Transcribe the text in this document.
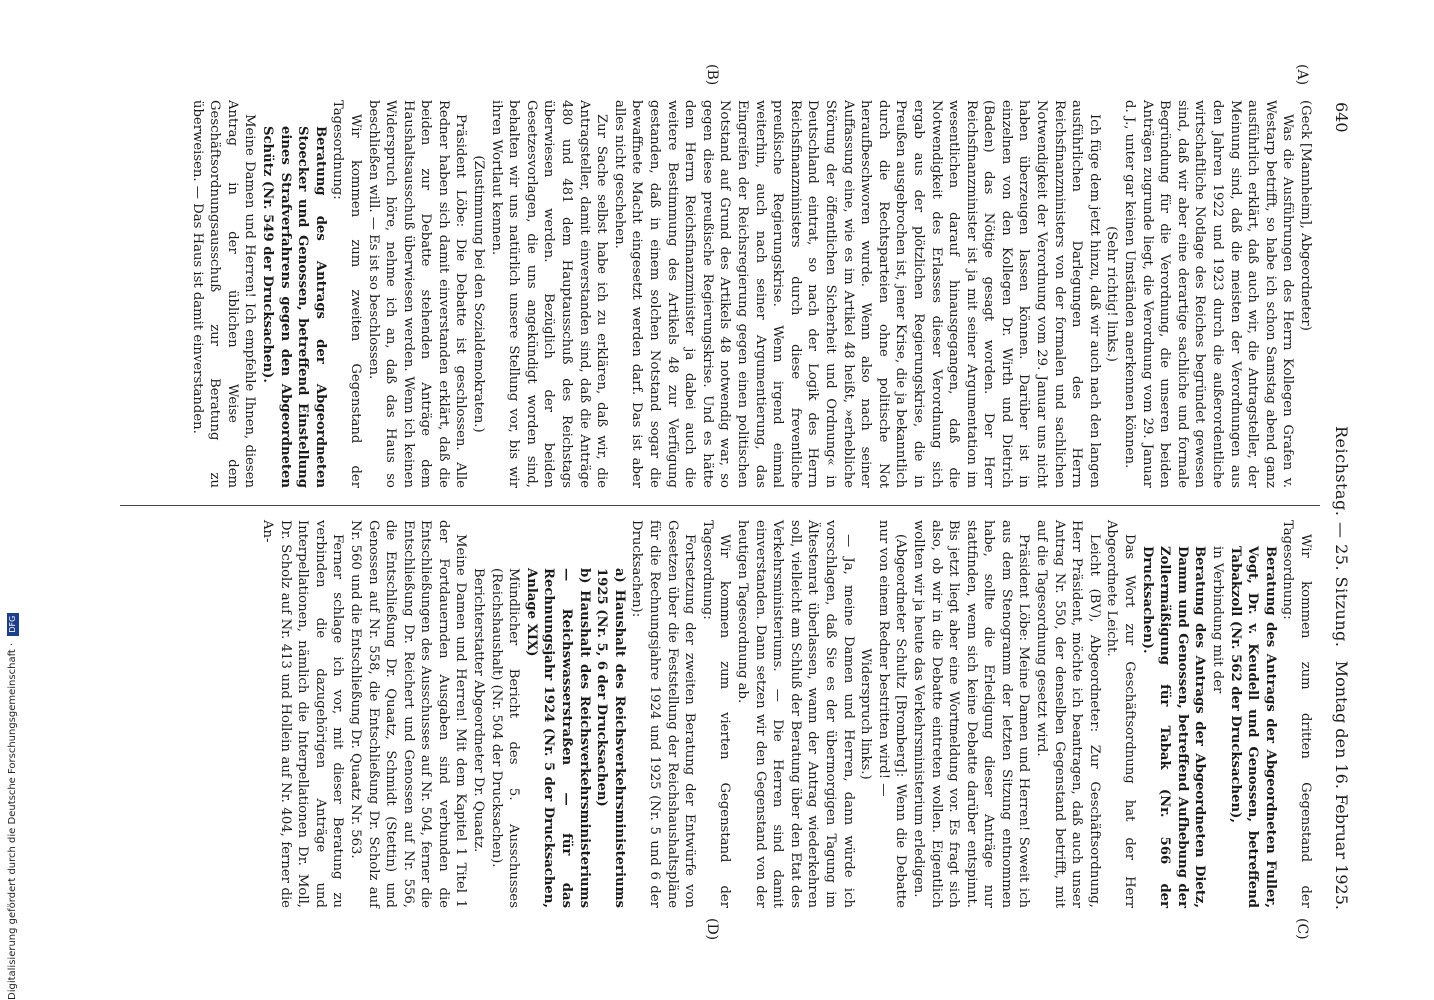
Digitalisierung gefördert durch die Deutsche Forschungsgemeinschaft · DFG
640
Reichstag. — 25. Sitzung.
Montag den 16. Februar 1925.
(A)
(B)
(C)
(D)

(Geck [Mannheim], Abgeordneter)

Was die Ausführungen des Herrn Kollegen Grafen v. Westarp betrifft, so habe ich schon Samstag abend ganz ausführlich erklärt, daß auch wir, die Antragsteller, der Meinung sind, daß die meisten der Verordnungen aus den Jahren 1922 und 1923 durch die außerordentliche wirtschaftliche Notlage des Reiches begründet gewesen sind, daß wir aber eine derartige sachliche und formale Begründung für die Verordnung, die unseren beiden Anträgen zugrunde liegt, die Verordnung vom 29. Januar d. J., unter gar keinen Umständen anerkennen können.

(Sehr richtig! links.)

Ich füge dem jetzt hinzu, daß wir auch nach den langen ausführlichen Darlegungen des Herrn Reichsfinanzministers von der formalen und sachlichen Notwendigkeit der Verordnung vom 29. Januar uns nicht haben überzeugen lassen können. Darüber ist in einzelnen von den Kollegen Dr. Wirth und Dietrich (Baden) das Nötige gesagt worden. Der Herr Reichsfinanzminister ist ja mit seiner Argumentation im wesentlichen darauf hinausgegangen, daß die Notwendigkeit des Erlasses dieser Verordnung sich ergab aus der plötzlichen Regierungskrise, die in Preußen ausgebrochen ist, jener Krise, die ja bekanntlich durch die Rechtsparteien ohne politische Not heraufbeschworen wurde. Wenn also nach seiner Auffassung eine, wie es im Artikel 48 heißt, »erhebliche Störung der öffentlichen Sicherheit und Ordnung« in Deutschland eintrat, so nach der Logik des Herrn Reichsfinanzministers durch diese freventliche preußische Regierungskrise. Wenn irgend einmal weiterhin, auch nach seiner Argumentierung, das Eingreifen der Reichsregierung gegen einen politischen Notstand auf Grund des Artikels 48 notwendig war, so gegen diese preußische Regierungskrise. Und es hätte dem Herrn Reichsfinanzminister ja dabei auch die weitere Bestimmung des Artikels 48 zur Verfügung gestanden, daß in einem solchen Notstand sogar die bewaffnete Macht eingesetzt werden darf. Das ist aber alles nicht geschehen.

Zur Sache selbst habe ich zu erklären, daß wir, die Antragsteller, damit einverstanden sind, daß die Anträge 480 und 481 dem Hauptausschuß des Reichstags überwiesen werden. Bezüglich der beiden Gesetzesvorlagen, die uns angekündigt worden sind, behalten wir uns natürlich unsere Stellung vor, bis wir ihren Wortlaut kennen.

(Zustimmung bei den Sozialdemokraten.)

Präsident Löbe: Die Debatte ist geschlossen. Alle Redner haben sich damit einverstanden erklärt, daß die beiden zur Debatte stehenden Anträge dem Haushaltsausschuß überwiesen werden. Wenn ich keinen Widerspruch höre, nehme ich an, daß das Haus so beschließen will. — Es ist so beschlossen.

Wir kommen zum zweiten Gegenstand der Tagesordnung:

Beratung des Antrags der Abgeordneten Stoecker und Genossen, betreffend Einstellung eines Strafverfahrens gegen den Abgeordneten Schütz (Nr. 549 der Drucksachen).

Meine Damen und Herren! Ich empfehle Ihnen, diesen Antrag in der üblichen Weise dem Geschäftsordnungsausschuß zur Beratung zu überweisen. — Das Haus ist damit einverstanden.

Wir kommen zum dritten Gegenstand der Tagesordnung:

Beratung des Antrags der Abgeordneten Fuller, Vogt, Dr. v. Keudell und Genossen, betreffend Tabakzoll (Nr. 562 der Drucksachen),

in Verbindung mit der

Beratung des Antrags der Abgeordneten Dietz, Damm und Genossen, betreffend Aufhebung der Zollermäßigung für Tabak (Nr. 566 der Drucksachen).

Das Wort zur Geschäftsordnung hat der Herr Abgeordnete Leicht.

Leicht (BV), Abgeordneter: Zur Geschäftsordnung, Herr Präsident, möchte ich beantragen, daß auch unser Antrag Nr. 550, der denselben Gegenstand betrifft, mit auf die Tagesordnung gesetzt wird.

Präsident Löbe: Meine Damen und Herren! Soweit ich aus dem Stenogramm der letzten Sitzung entnommen habe, sollte die Erledigung dieser Anträge nur stattfinden, wenn sich keine Debatte darüber entspinnt. Bis jetzt liegt aber eine Wortmeldung vor. Es fragt sich also, ob wir in die Debatte eintreten wollen. Eigentlich wollten wir ja heute das Verkehrsministerium erledigen.

(Abgeordneter Schultz [Bromberg]: Wenn die Debatte nur von einem Redner bestritten wird! —

Widerspruch links.)

— Ja, meine Damen und Herren, dann würde ich vorschlagen, daß Sie es der übermorgigen Tagung im Ältestenrat überlassen, wann der Antrag wiederkehren soll, vielleicht am Schluß der Beratung über den Etat des Verkehrsministeriums. — Die Herren sind damit einverstanden. Dann setzen wir den Gegenstand von der heutigen Tagesordnung ab.

Wir kommen zum vierten Gegenstand der Tagesordnung:

Fortsetzung der zweiten Beratung der Entwürfe von Gesetzen über die Feststellung der Reichshaushaltspläne für die Rechnungsjahre 1924 und 1925 (Nr. 5 und 6 der Drucksachen):

a) Haushalt des Reichsverkehrsministeriums 1925 (Nr. 5, 6 der Drucksachen)

b) Haushalt des Reichsverkehrsministeriums — Reichswasserstraßen — für das Rechnungsjahr 1924 (Nr. 5 der Drucksachen, Anlage XIX)

Mündlicher Bericht des 5. Ausschusses (Reichshaushalt) (Nr. 504 der Drucksachen).

Berichterstatter Abgeordneter Dr. Quaatz.

Meine Damen und Herren! Mit dem Kapitel 1 Titel 1 der Fortdauernden Ausgaben sind verbunden die Entschließungen des Ausschusses auf Nr. 504, ferner die Entschließung Dr. Reichert und Genossen auf Nr. 556, die Entschließung Dr. Quaatz, Schmidt (Stettin) und Genossen auf Nr. 558, die Entschließung Dr. Scholz auf Nr. 560 und die Entschließung Dr. Quaatz Nr. 563.

Ferner schlage ich vor, mit dieser Beratung zu verbinden die dazugehörigen Anträge und Interpellationen, nämlich die Interpellationen Dr. Moll, Dr. Scholz auf Nr. 413 und Hollein auf Nr. 404, ferner die An-
